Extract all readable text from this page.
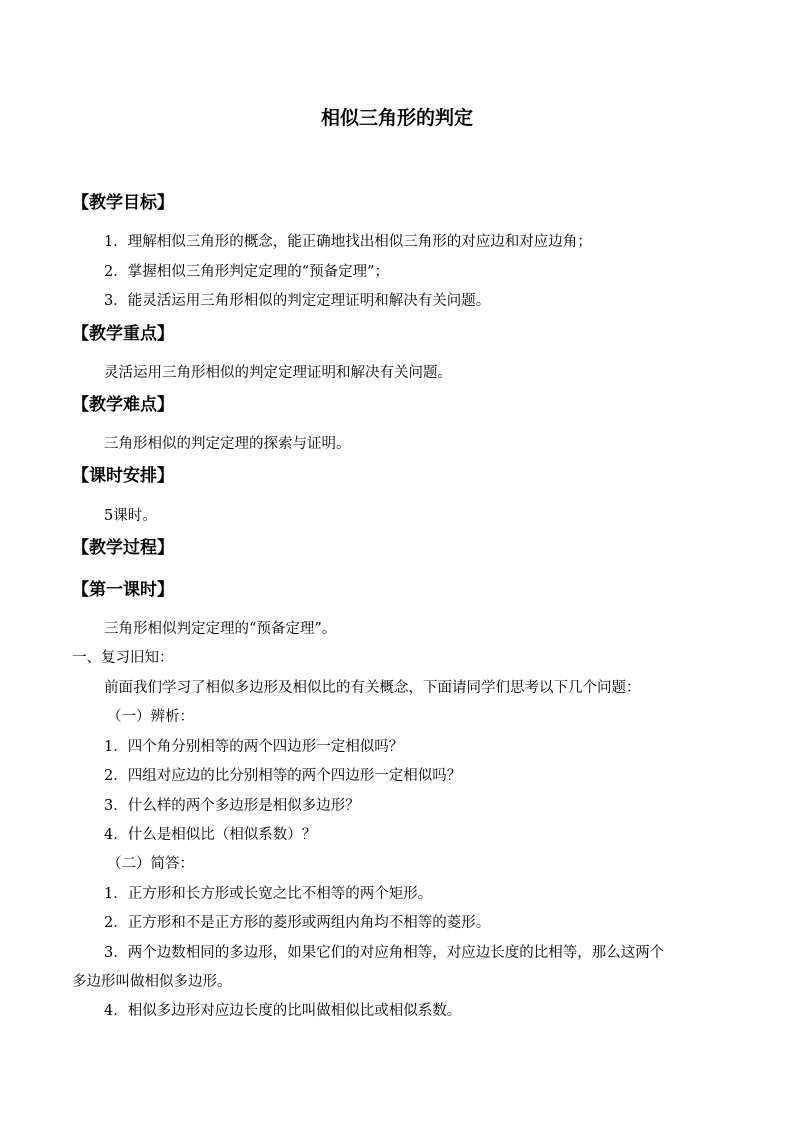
相似三角形的判定
【教学目标】
1．理解相似三角形的概念，能正确地找出相似三角形的对应边和对应边角；
2．掌握相似三角形判定定理的“预备定理”；
3．能灵活运用三角形相似的判定定理证明和解决有关问题。
【教学重点】
灵活运用三角形相似的判定定理证明和解决有关问题。
【教学难点】
三角形相似的判定定理的探索与证明。
【课时安排】
5课时。
【教学过程】
【第一课时】
三角形相似判定定理的“预备定理”。
一、复习旧知：
前面我们学习了相似多边形及相似比的有关概念，下面请同学们思考以下几个问题：
（一）辨析：
1．四个角分别相等的两个四边形一定相似吗？
2．四组对应边的比分别相等的两个四边形一定相似吗？
3．什么样的两个多边形是相似多边形？
4．什么是相似比（相似系数）？
（二）简答：
1．正方形和长方形或长宽之比不相等的两个矩形。
2．正方形和不是正方形的菱形或两组内角均不相等的菱形。
3．两个边数相同的多边形，如果它们的对应角相等，对应边长度的比相等，那么这两个
多边形叫做相似多边形。
4．相似多边形对应边长度的比叫做相似比或相似系数。
